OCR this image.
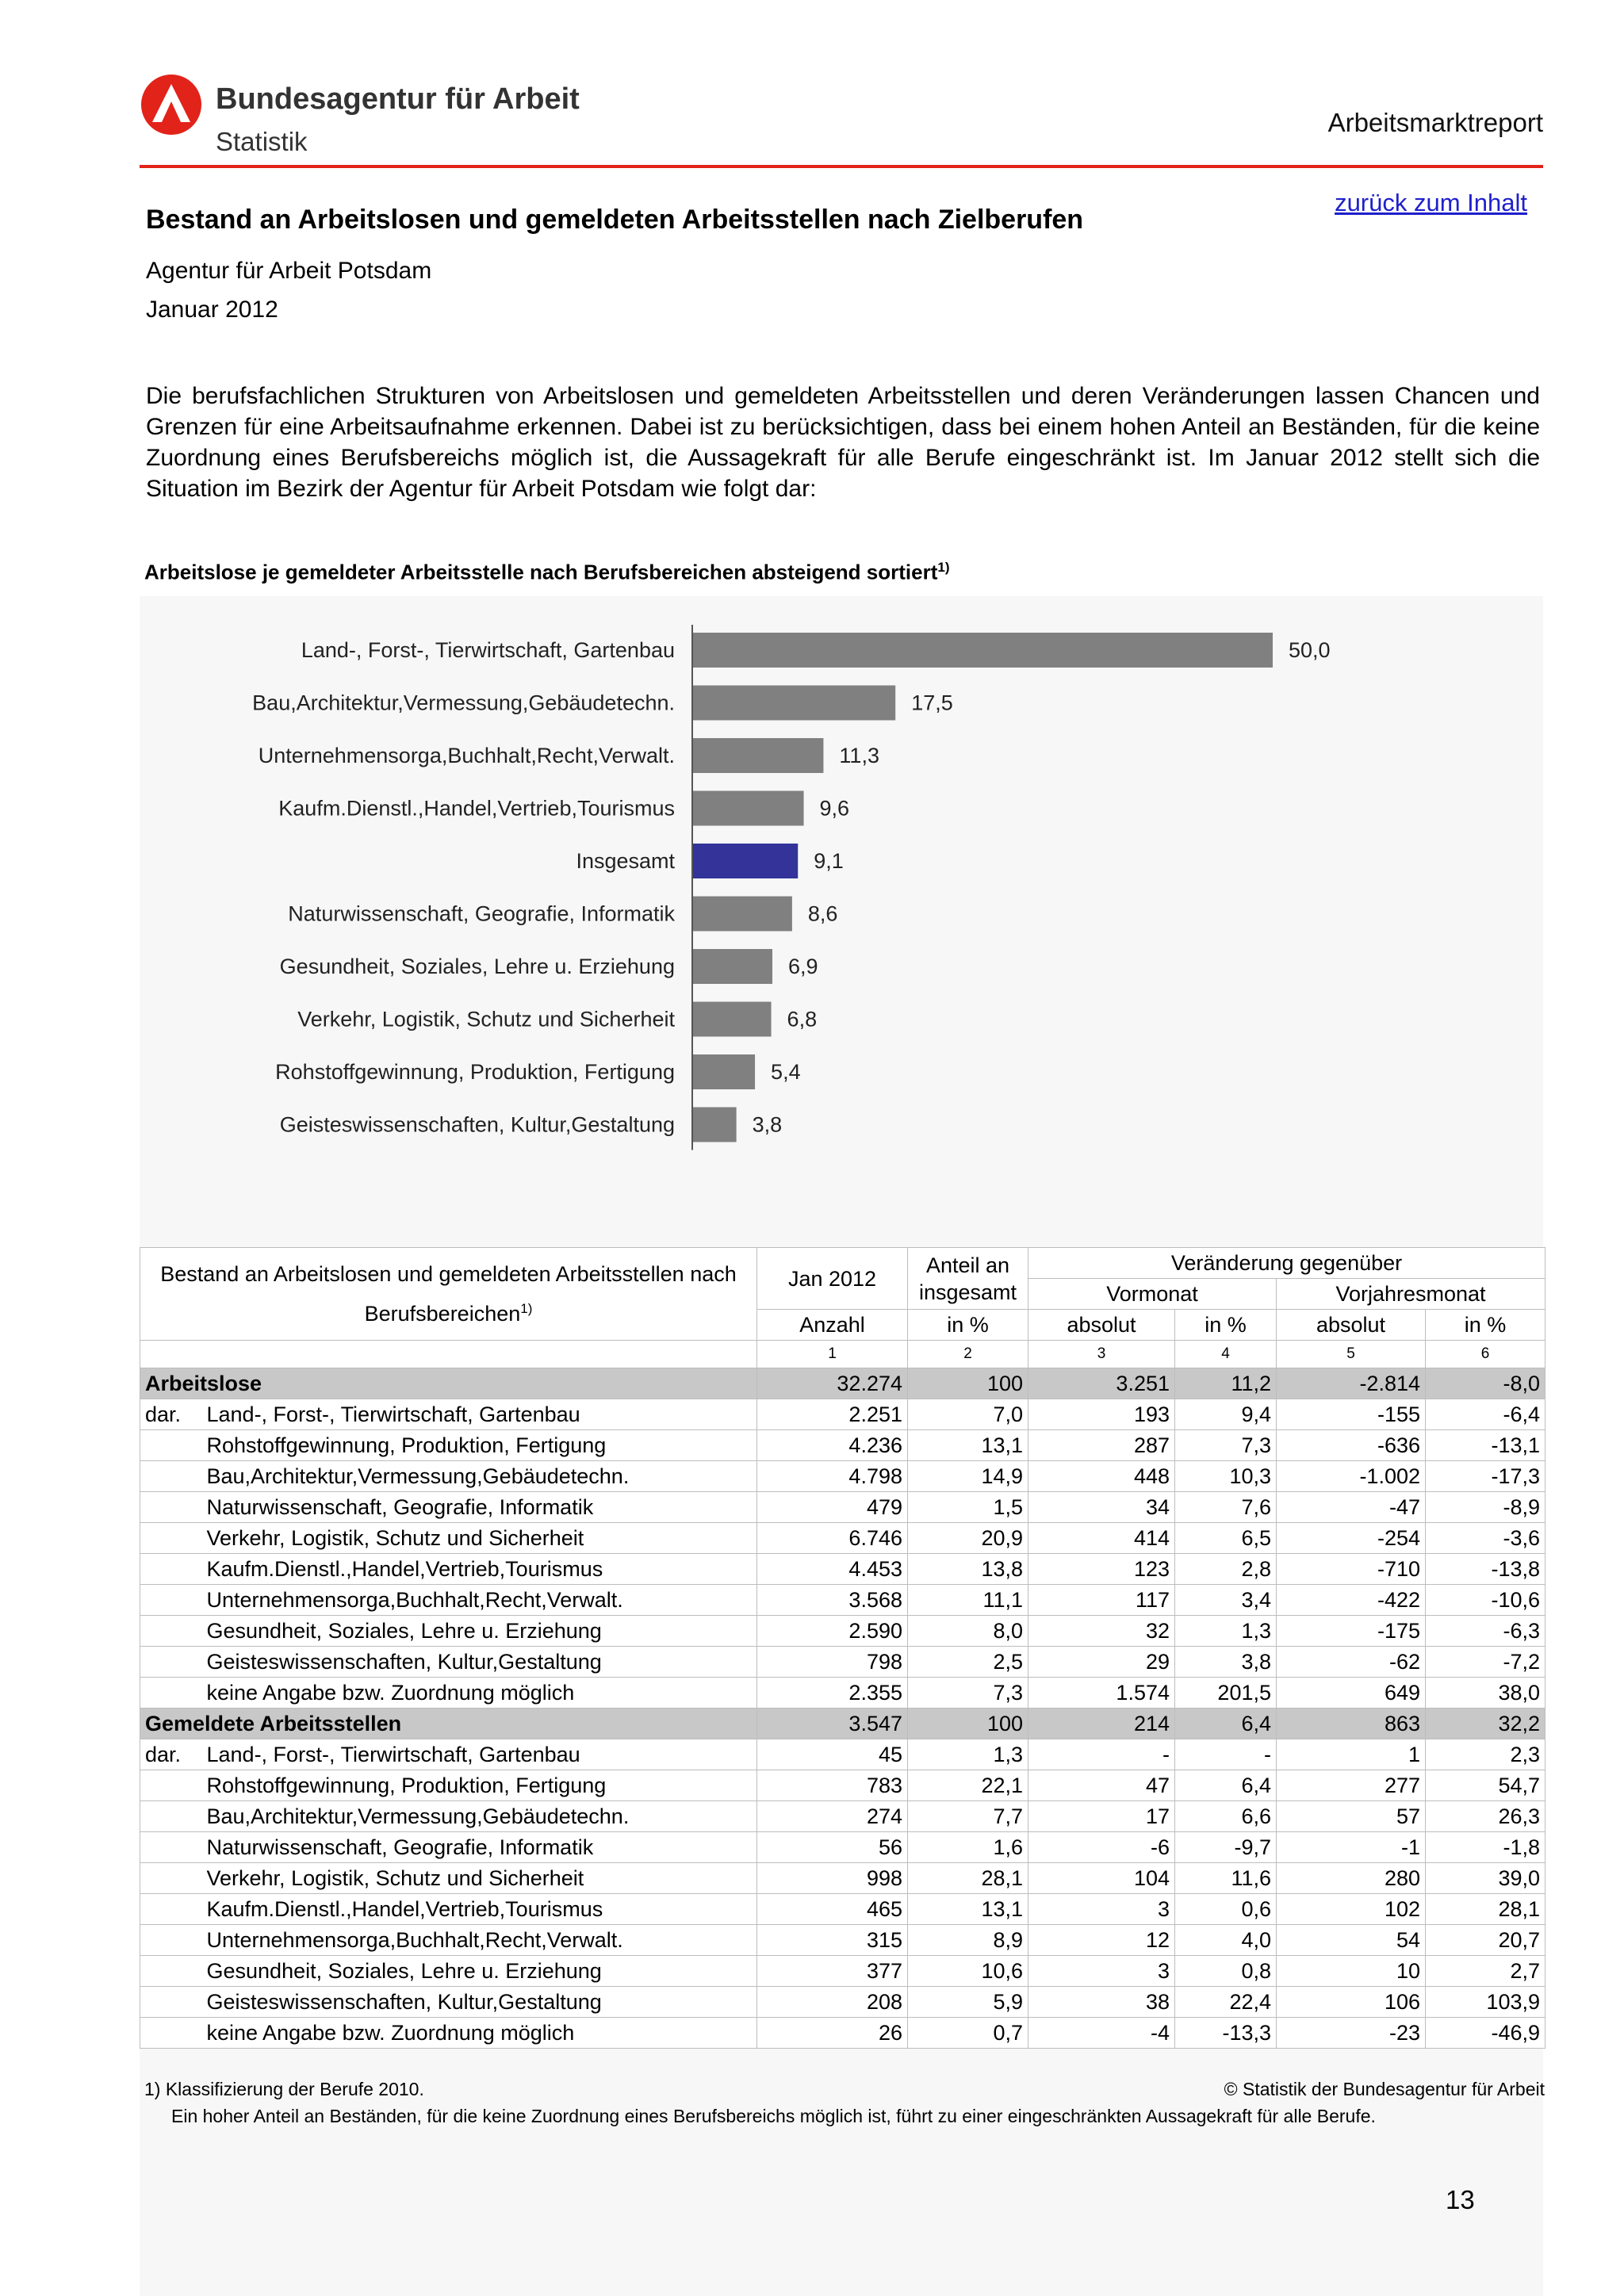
Bundesagentur für Arbeit
Statistik
Arbeitsmarktreport
zurück zum Inhalt
Bestand an Arbeitslosen und gemeldeten Arbeitsstellen nach Zielberufen
Agentur für Arbeit Potsdam
Januar 2012
Die berufsfachlichen Strukturen von Arbeitslosen und gemeldeten Arbeitsstellen und deren Veränderungen lassen Chancen und Grenzen für eine Arbeitsaufnahme erkennen. Dabei ist zu berücksichtigen, dass bei einem hohen Anteil an Beständen, für die keine Zuordnung eines Berufsbereichs möglich ist, die Aussagekraft für alle Berufe eingeschränkt ist. Im Januar 2012 stellt sich die Situation im Bezirk der Agentur für Arbeit Potsdam wie folgt dar:
Arbeitslose je gemeldeter Arbeitsstelle nach Berufsbereichen absteigend sortiert$^{1)}$
Land-, Forst-, Tierwirtschaft, Gartenbau	50,0
Bau,Architektur,Vermessung,Gebäudetechn.	17,5
Unternehmensorga,Buchhalt,Recht,Verwalt.	11,3
Kaufm.Dienstl.,Handel,Vertrieb,Tourismus	9,6
Insgesamt	9,1
Naturwissenschaft, Geografie, Informatik	8,6
Gesundheit, Soziales, Lehre u. Erziehung	6,9
Verkehr, Logistik, Schutz und Sicherheit	6,8
Rohstoffgewinnung, Produktion, Fertigung	5,4
Geisteswissenschaften, Kultur,Gestaltung	3,8
Bestand an Arbeitslosen und gemeldeten Arbeitsstellen nach Berufsbereichen$^{1)}$		Jan 2012	Anteil an insgesamt	Veränderung gegenüber			
				Vormonat		Vorjahresmonat	
		Anzahl	in %	absolut	in %	absolut	in %
		1	2	3	4	5	6
Arbeitslose		32.274	100	3.251	11,2	-2.814	-8,0
dar.	Land-, Forst-, Tierwirtschaft, Gartenbau	2.251	7,0	193	9,4	-155	-6,4
	Rohstoffgewinnung, Produktion, Fertigung	4.236	13,1	287	7,3	-636	-13,1
	Bau,Architektur,Vermessung,Gebäudetechn.	4.798	14,9	448	10,3	-1.002	-17,3
	Naturwissenschaft, Geografie, Informatik	479	1,5	34	7,6	-47	-8,9
	Verkehr, Logistik, Schutz und Sicherheit	6.746	20,9	414	6,5	-254	-3,6
	Kaufm.Dienstl.,Handel,Vertrieb,Tourismus	4.453	13,8	123	2,8	-710	-13,8
	Unternehmensorga,Buchhalt,Recht,Verwalt.	3.568	11,1	117	3,4	-422	-10,6
	Gesundheit, Soziales, Lehre u. Erziehung	2.590	8,0	32	1,3	-175	-6,3
	Geisteswissenschaften, Kultur,Gestaltung	798	2,5	29	3,8	-62	-7,2
	keine Angabe bzw. Zuordnung möglich	2.355	7,3	1.574	201,5	649	38,0
Gemeldete Arbeitsstellen		3.547	100	214	6,4	863	32,2
dar.	Land-, Forst-, Tierwirtschaft, Gartenbau	45	1,3	-	-	1	2,3
	Rohstoffgewinnung, Produktion, Fertigung	783	22,1	47	6,4	277	54,7
	Bau,Architektur,Vermessung,Gebäudetechn.	274	7,7	17	6,6	57	26,3
	Naturwissenschaft, Geografie, Informatik	56	1,6	-6	-9,7	-1	-1,8
	Verkehr, Logistik, Schutz und Sicherheit	998	28,1	104	11,6	280	39,0
	Kaufm.Dienstl.,Handel,Vertrieb,Tourismus	465	13,1	3	0,6	102	28,1
	Unternehmensorga,Buchhalt,Recht,Verwalt.	315	8,9	12	4,0	54	20,7
	Gesundheit, Soziales, Lehre u. Erziehung	377	10,6	3	0,8	10	2,7
	Geisteswissenschaften, Kultur,Gestaltung	208	5,9	38	22,4	106	103,9
	keine Angabe bzw. Zuordnung möglich	26	0,7	-4	-13,3	-23	-46,9
1) Klassifizierung der Berufe 2010.
Ein hoher Anteil an Beständen, für die keine Zuordnung eines Berufsbereichs möglich ist, führt zu einer eingeschränkten Aussagekraft für alle Berufe.
© Statistik der Bundesagentur für Arbeit
13
